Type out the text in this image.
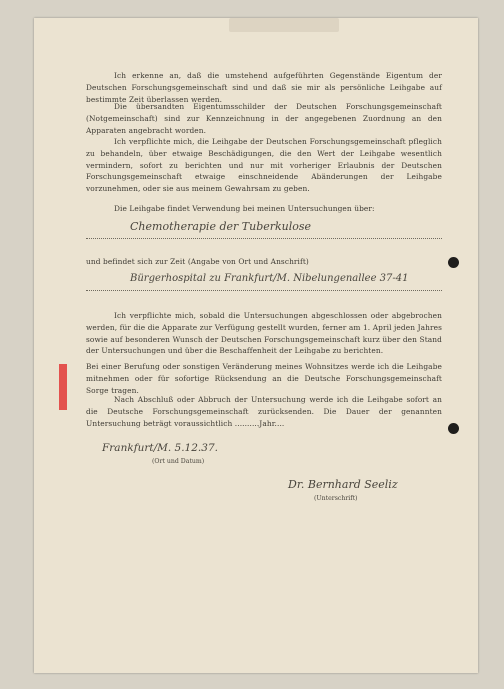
Ich erkenne an, daß die umstehend aufgeführten Gegenstände Eigentum der Deutschen Forschungsgemeinschaft sind und daß sie mir als persönliche Leihgabe auf bestimmte Zeit überlassen werden.
Die übersandten Eigentumsschilder der Deutschen Forschungsgemeinschaft (Notgemeinschaft) sind zur Kennzeichnung in der angegebenen Zuordnung an den Apparaten angebracht worden.
Ich verpflichte mich, die Leihgabe der Deutschen Forschungsgemeinschaft pfleglich zu behandeln, über etwaige Beschädigungen, die den Wert der Leihgabe wesentlich vermindern, sofort zu berichten und nur mit vorheriger Erlaubnis der Deutschen Forschungsgemeinschaft etwaige einschneidende Abänderungen der Leihgabe vorzunehmen, oder sie aus meinem Gewahrsam zu geben.
Die Leihgabe findet Verwendung bei meinen Untersuchungen über:
Chemotherapie der Tuberkulose
und befindet sich zur Zeit (Angabe von Ort und Anschrift)
Bürgerhospital zu Frankfurt/M. Nibelungenallee 37-41
Ich verpflichte mich, sobald die Untersuchungen abgeschlossen oder abgebrochen werden, für die die Apparate zur Verfügung gestellt wurden, ferner am 1. April jeden Jahres sowie auf besonderen Wunsch der Deutschen Forschungsgemeinschaft kurz über den Stand der Untersuchungen und über die Beschaffenheit der Leihgabe zu berichten.
Bei einer Berufung oder sonstigen Veränderung meines Wohnsitzes werde ich die Leihgabe mitnehmen oder für sofortige Rücksendung an die Deutsche Forschungsgemeinschaft Sorge tragen.
Nach Abschluß oder Abbruch der Untersuchung werde ich die Leihgabe sofort an die Deutsche Forschungsgemeinschaft zurücksenden. Die Dauer der genannten Untersuchung beträgt voraussichtlich ..........Jahr....
Frankfurt/M. 5.12.37.
(Ort und Datum)
Dr. Bernhard Seeliz
(Unterschrift)
